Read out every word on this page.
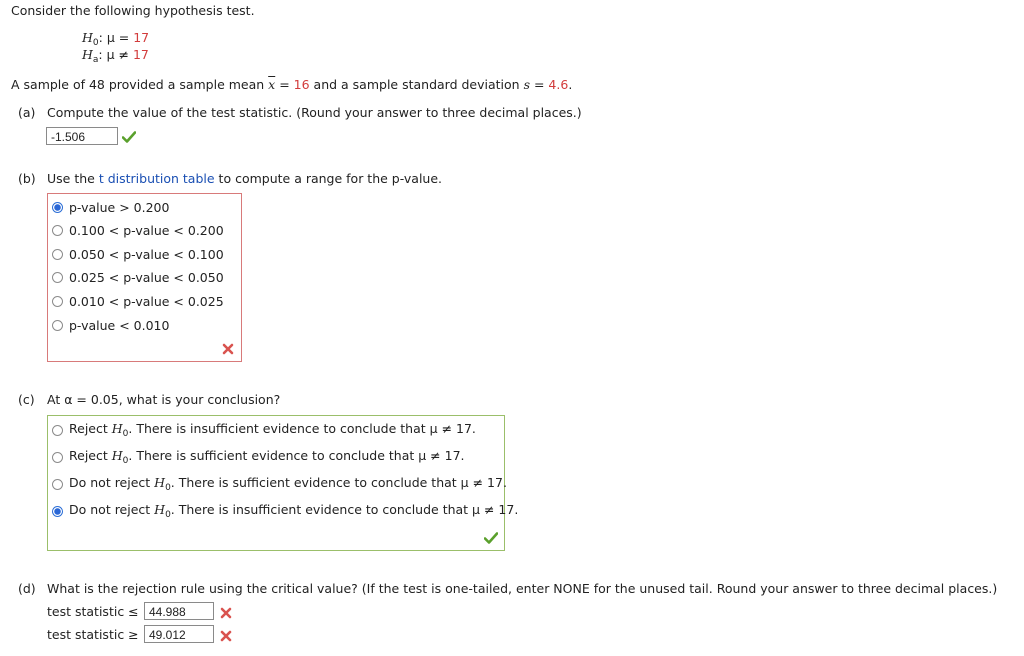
Consider the following hypothesis test.
$H_0$: μ = 17
$H_a$: μ ≠ 17
A sample of 48 provided a sample mean $\overline{x} = 16$ and a sample standard deviation s = 4.6.
(a) Compute the value of the test statistic. (Round your answer to three decimal places.)
-1.506
(b) Use the t distribution table to compute a range for the p-value.
p-value > 0.200
0.100 < p-value < 0.200
0.050 < p-value < 0.100
0.025 < p-value < 0.050
0.010 < p-value < 0.025
p-value < 0.010
(c) At α = 0.05, what is your conclusion?
Reject $H_0$. There is insufficient evidence to conclude that μ ≠ 17.
Reject $H_0$. There is sufficient evidence to conclude that μ ≠ 17.
Do not reject $H_0$. There is sufficient evidence to conclude that μ ≠ 17.
Do not reject $H_0$. There is insufficient evidence to conclude that μ ≠ 17.
(d) What is the rejection rule using the critical value? (If the test is one-tailed, enter NONE for the unused tail. Round your answer to three decimal places.)
test statistic ≤ 44.988
test statistic ≥ 49.012
